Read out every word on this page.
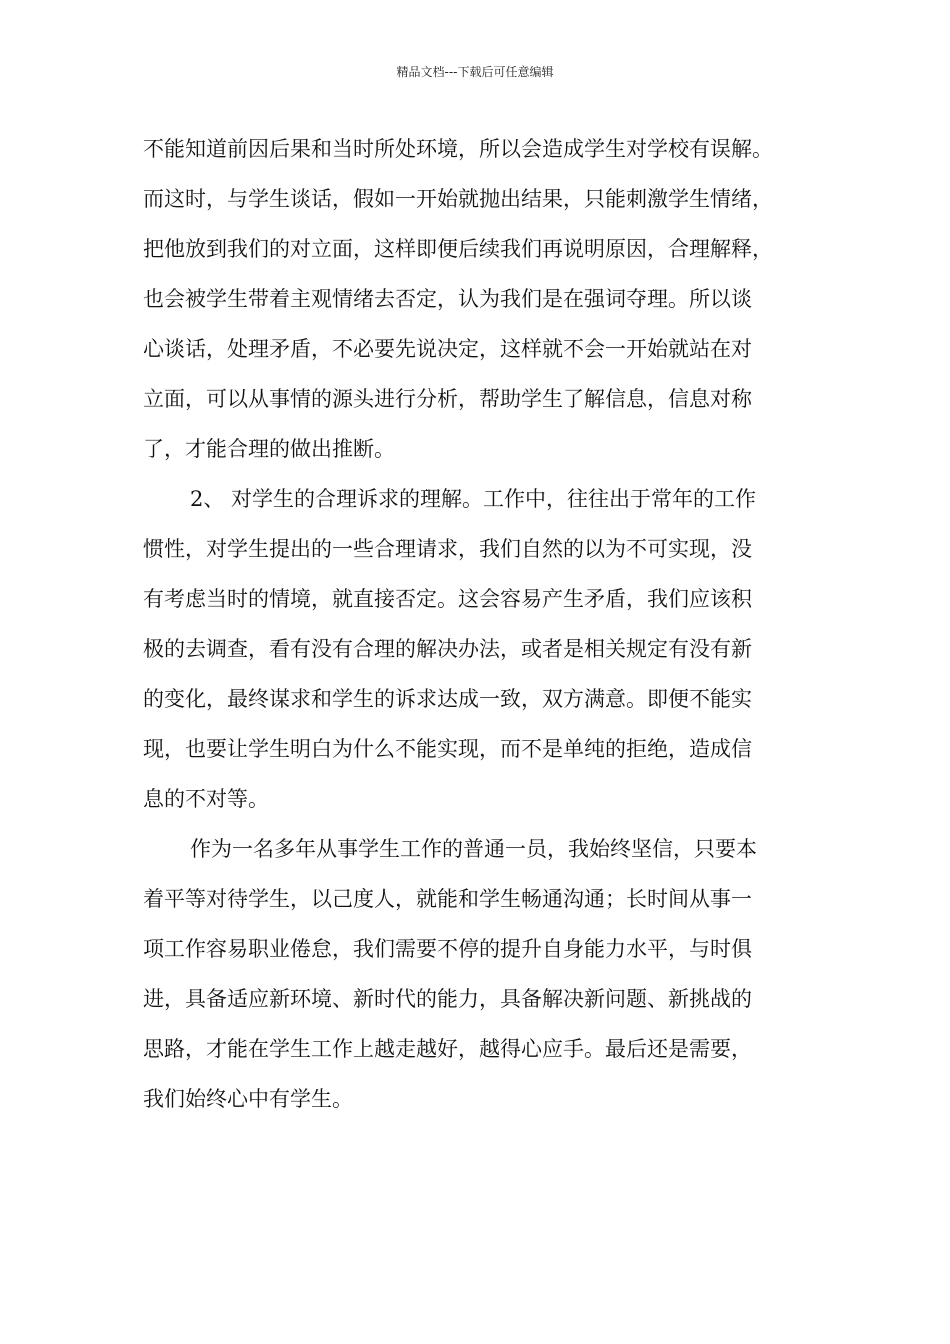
精品文档---下载后可任意编辑
不能知道前因后果和当时所处环境，所以会造成学生对学校有误解。
而这时，与学生谈话，假如一开始就抛出结果，只能刺激学生情绪，
把他放到我们的对立面，这样即便后续我们再说明原因，合理解释，
也会被学生带着主观情绪去否定，认为我们是在强词夺理。所以谈
心谈话，处理矛盾，不必要先说决定，这样就不会一开始就站在对
立面，可以从事情的源头进行分析，帮助学生了解信息，信息对称
了，才能合理的做出推断。
2、 对学生的合理诉求的理解。工作中，往往出于常年的工作
惯性，对学生提出的一些合理请求，我们自然的以为不可实现，没
有考虑当时的情境，就直接否定。这会容易产生矛盾，我们应该积
极的去调查，看有没有合理的解决办法，或者是相关规定有没有新
的变化，最终谋求和学生的诉求达成一致，双方满意。即便不能实
现，也要让学生明白为什么不能实现，而不是单纯的拒绝，造成信
息的不对等。
作为一名多年从事学生工作的普通一员，我始终坚信，只要本
着平等对待学生，以己度人，就能和学生畅通沟通；长时间从事一
项工作容易职业倦怠，我们需要不停的提升自身能力水平，与时俱
进，具备适应新环境、新时代的能力，具备解决新问题、新挑战的
思路，才能在学生工作上越走越好，越得心应手。最后还是需要，
我们始终心中有学生。
